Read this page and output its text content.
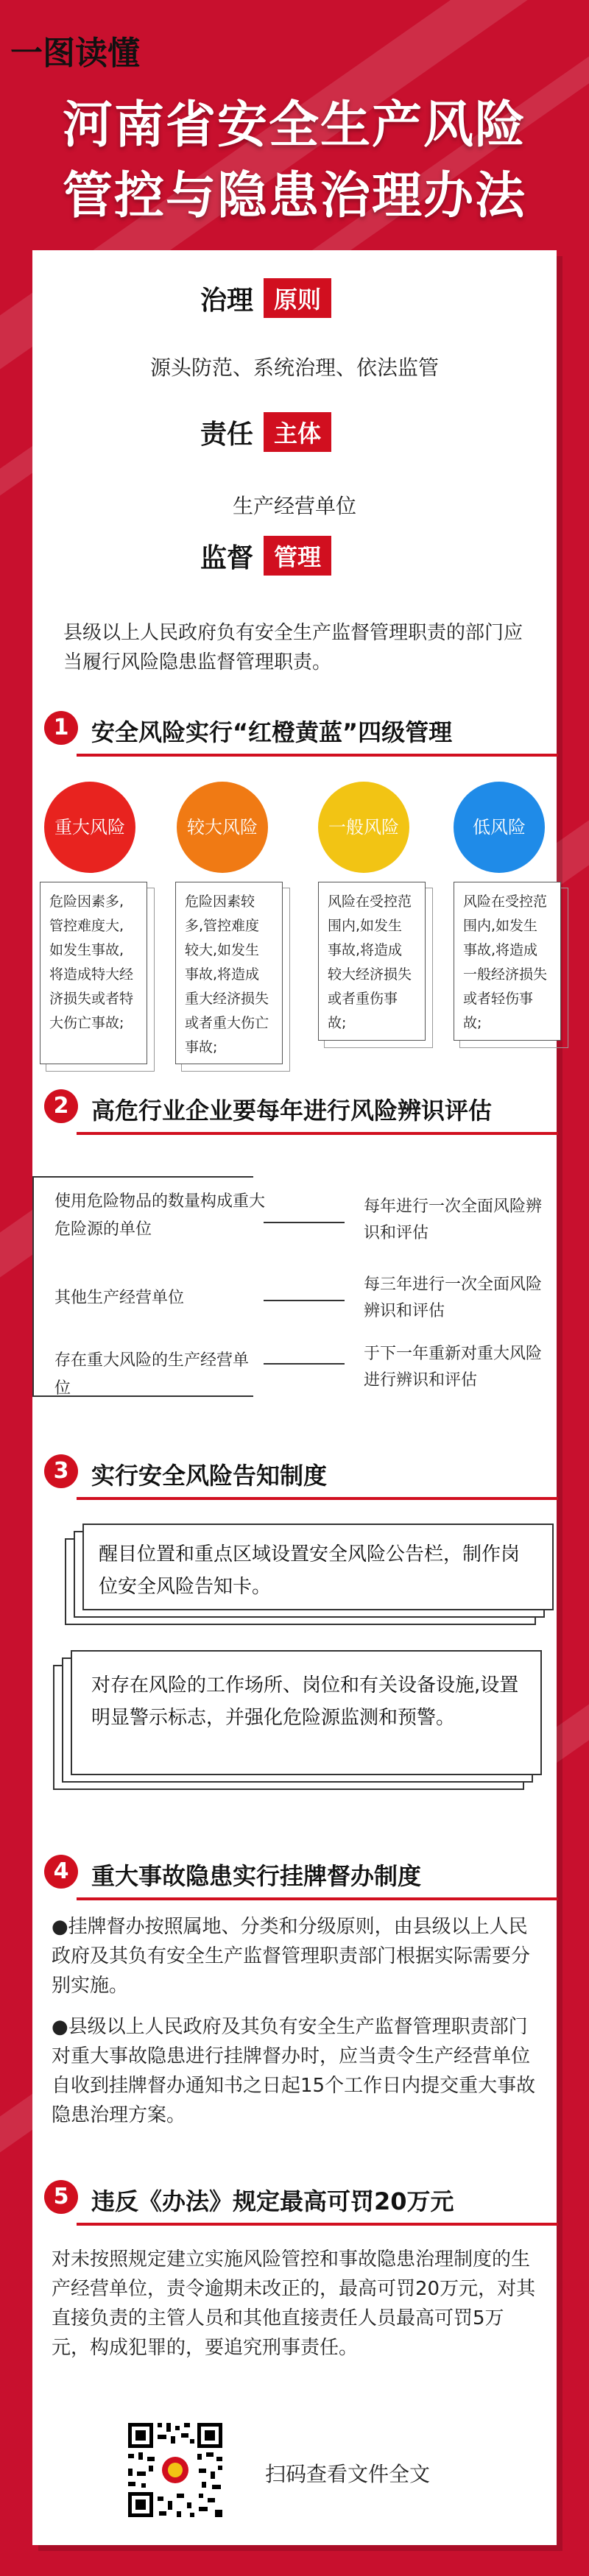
一图读懂
河南省安全生产风险
管控与隐患治理办法
治理 原则
源头防范、系统治理、依法监管
责任 主体
生产经营单位
监督 管理
县级以上人民政府负有安全生产监督管理职责的部门应当履行风险隐患监督管理职责。
1 安全风险实行“红橙黄蓝”四级管理
重大风险	较大风险	一般风险	低风险
危险因素多,管控难度大,如发生事故,将造成特大经济损失或者特大伤亡事故;
危险因素较多,管控难度较大,如发生事故,将造成重大经济损失或者重大伤亡事故;
风险在受控范围内,如发生事故,将造成较大经济损失或者重伤事故;
风险在受控范围内,如发生事故,将造成一般经济损失或者轻伤事故;
2 高危行业企业要每年进行风险辨识评估
使用危险物品的数量构成重大危险源的单位
每年进行一次全面风险辨识和评估
其他生产经营单位
每三年进行一次全面风险辨识和评估
存在重大风险的生产经营单位
于下一年重新对重大风险进行辨识和评估
3 实行安全风险告知制度
醒目位置和重点区域设置安全风险公告栏，制作岗位安全风险告知卡。
对存在风险的工作场所、岗位和有关设备设施,设置明显警示标志，并强化危险源监测和预警。
4 重大事故隐患实行挂牌督办制度
●挂牌督办按照属地、分类和分级原则，由县级以上人民政府及其负有安全生产监督管理职责部门根据实际需要分别实施。
●县级以上人民政府及其负有安全生产监督管理职责部门对重大事故隐患进行挂牌督办时，应当责令生产经营单位自收到挂牌督办通知书之日起15个工作日内提交重大事故隐患治理方案。
5 违反《办法》规定最高可罚20万元
对未按照规定建立实施风险管控和事故隐患治理制度的生产经营单位，责令逾期未改正的，最高可罚20万元，对其直接负责的主管人员和其他直接责任人员最高可罚5万元，构成犯罪的，要追究刑事责任。
扫码查看文件全文
